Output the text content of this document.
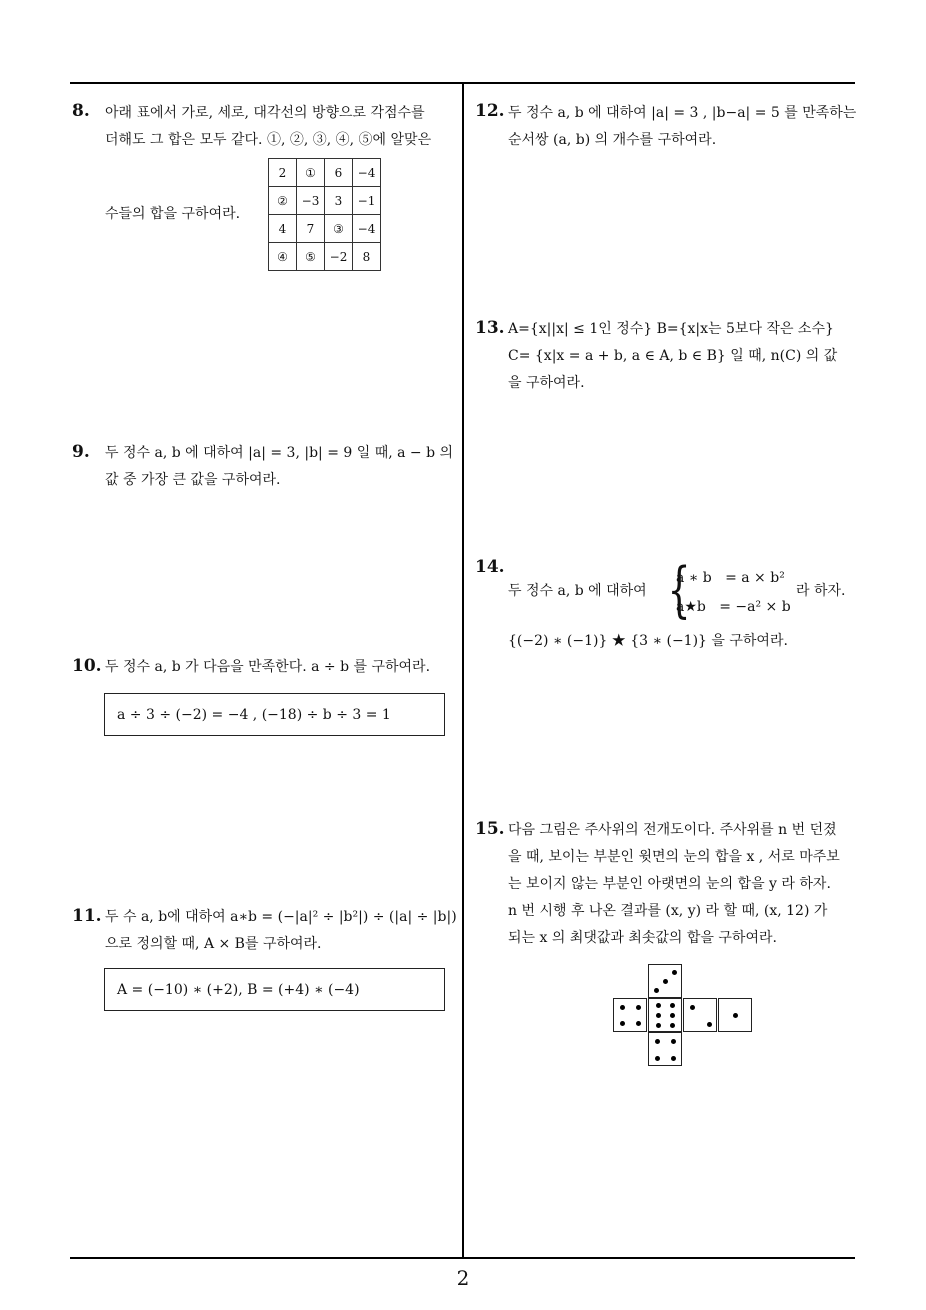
8. 아래 표에서 가로, 세로, 대각선의 방향으로 각점수를
더해도 그 합은 모두 같다. ①, ②, ③, ④, ⑤에 알맞은
수들의 합을 구하여라.
2	①	6	−4
②	−3	3	−1
4	7	③	−4
④	⑤	−2	8
9. 두 정수 a, b 에 대하여 |a| = 3, |b| = 9 일 때, a − b 의
값 중 가장 큰 값을 구하여라.
10. 두 정수 a, b 가 다음을 만족한다. a ÷ b 를 구하여라.
a ÷ 3 ÷ (−2) = −4 , (−18) ÷ b ÷ 3 = 1
11. 두 수 a, b에 대하여 a∗b = (−|a|² ÷ |b²|) ÷ (|a| ÷ |b|)
으로 정의할 때, A × B를 구하여라.
A = (−10) ∗ (+2), B = (+4) ∗ (−4)
12. 두 정수 a, b 에 대하여 |a| = 3 , |b−a| = 5 를 만족하는
순서쌍 (a, b) 의 개수를 구하여라.
13. A={x||x| ≤ 1인 정수} B={x|x는 5보다 작은 소수}
C= {x|x = a + b, a ∈ A, b ∈ B} 일 때, n(C) 의 값
을 구하여라.
14.
두 정수 a, b 에 대하여 {
a ∗ b   = a × b²
a★b   = −a² × b
라 하자.
{(−2) ∗ (−1)} ★ {3 ∗ (−1)} 을 구하여라.
15. 다음 그림은 주사위의 전개도이다. 주사위를 n 번 던졌
을 때, 보이는 부분인 윗면의 눈의 합을 x , 서로 마주보
는 보이지 않는 부분인 아랫면의 눈의 합을 y 라 하자.
n 번 시행 후 나온 결과를 (x, y) 라 할 때, (x, 12) 가
되는 x 의 최댓값과 최솟값의 합을 구하여라.
2
